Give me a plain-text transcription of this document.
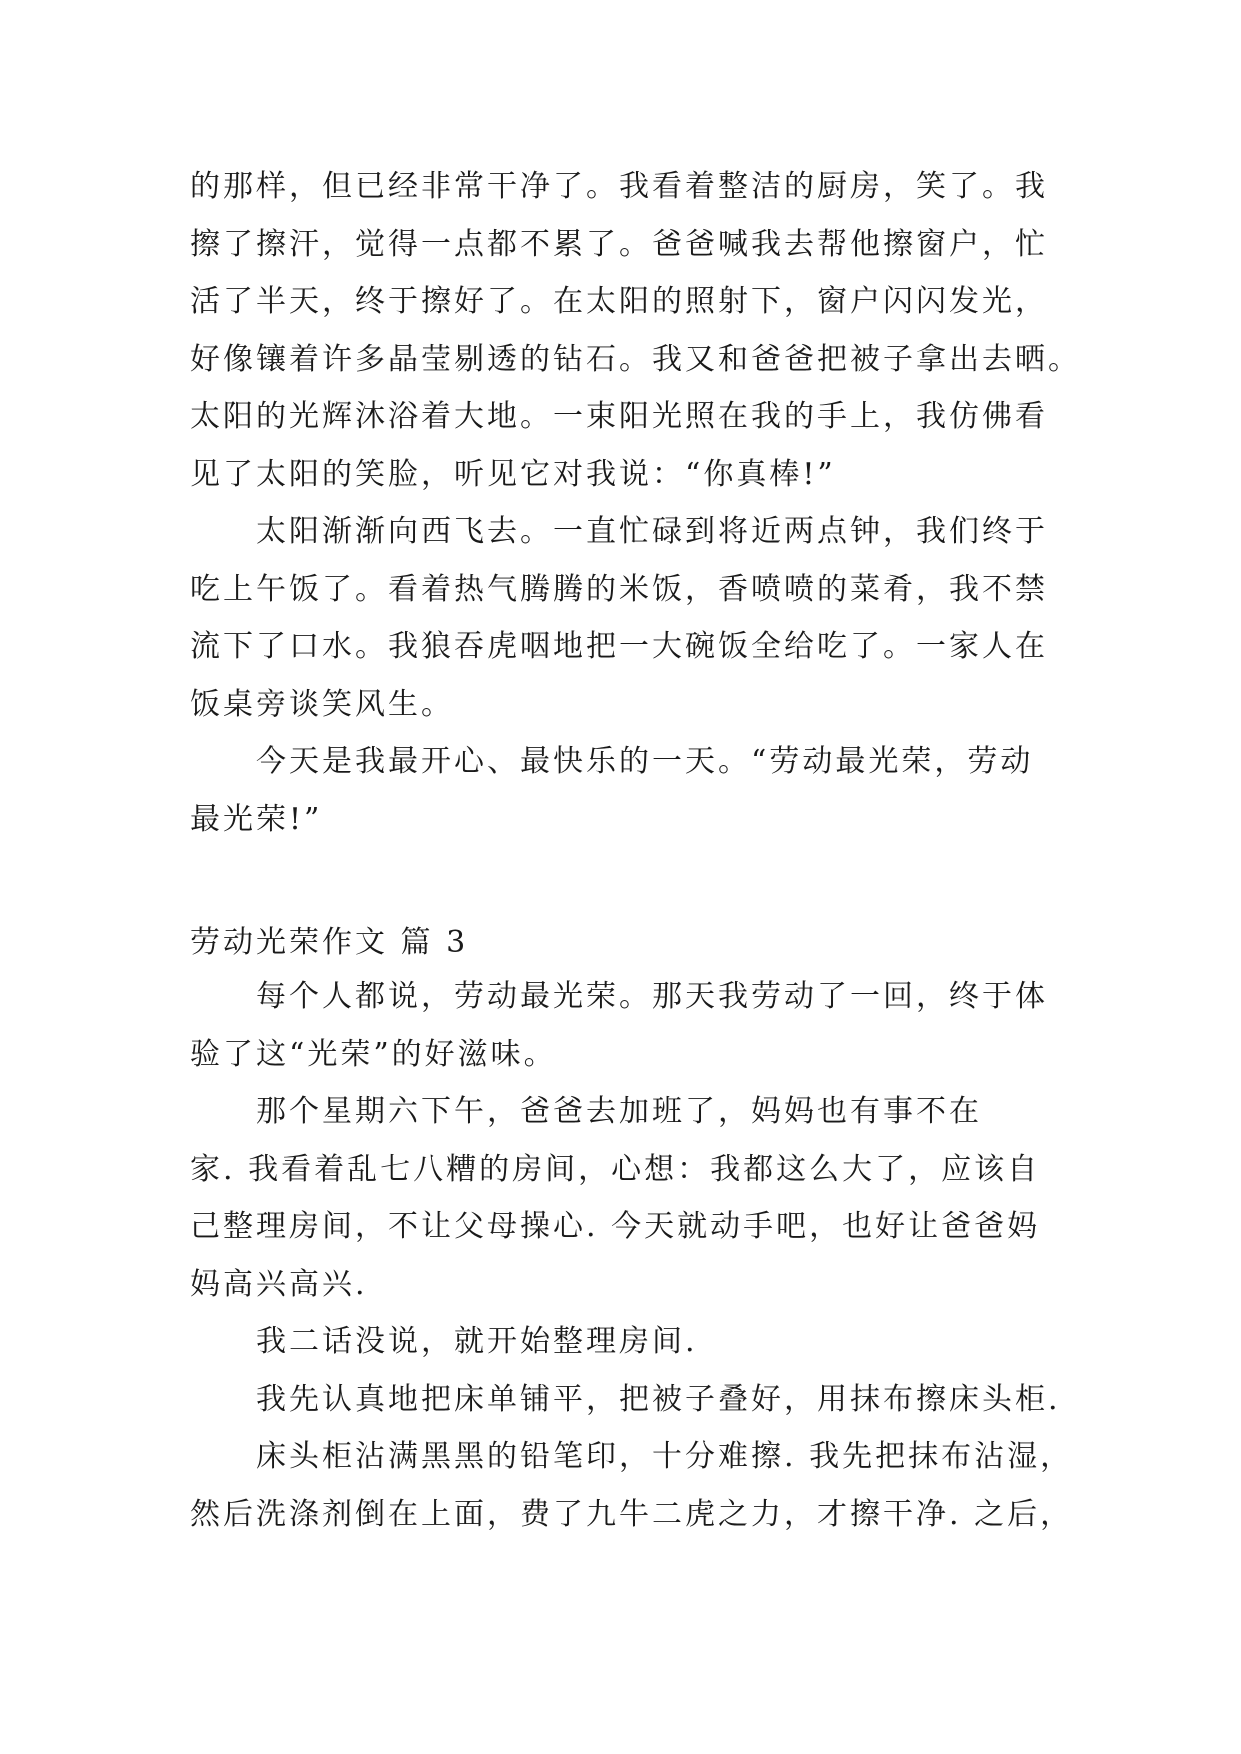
的那样，但已经非常干净了。我看着整洁的厨房，笑了。我
擦了擦汗，觉得一点都不累了。爸爸喊我去帮他擦窗户，忙
活了半天，终于擦好了。在太阳的照射下，窗户闪闪发光，
好像镶着许多晶莹剔透的钻石。我又和爸爸把被子拿出去晒。
太阳的光辉沐浴着大地。一束阳光照在我的手上，我仿佛看
见了太阳的笑脸，听见它对我说：“你真棒!”
　　太阳渐渐向西飞去。一直忙碌到将近两点钟，我们终于
吃上午饭了。看着热气腾腾的米饭，香喷喷的菜肴，我不禁
流下了口水。我狼吞虎咽地把一大碗饭全给吃了。一家人在
饭桌旁谈笑风生。
　　今天是我最开心、最快乐的一天。“劳动最光荣，劳动
最光荣!”
劳动光荣作文 篇 3
　　每个人都说，劳动最光荣。那天我劳动了一回，终于体
验了这“光荣”的好滋味。
　　那个星期六下午，爸爸去加班了，妈妈也有事不在
家. 我看着乱七八糟的房间，心想：我都这么大了，应该自
己整理房间，不让父母操心. 今天就动手吧，也好让爸爸妈
妈高兴高兴.
　　我二话没说，就开始整理房间.
　　我先认真地把床单铺平，把被子叠好，用抹布擦床头柜.
　　床头柜沾满黑黑的铅笔印，十分难擦. 我先把抹布沾湿，
然后洗涤剂倒在上面，费了九牛二虎之力，才擦干净. 之后，
